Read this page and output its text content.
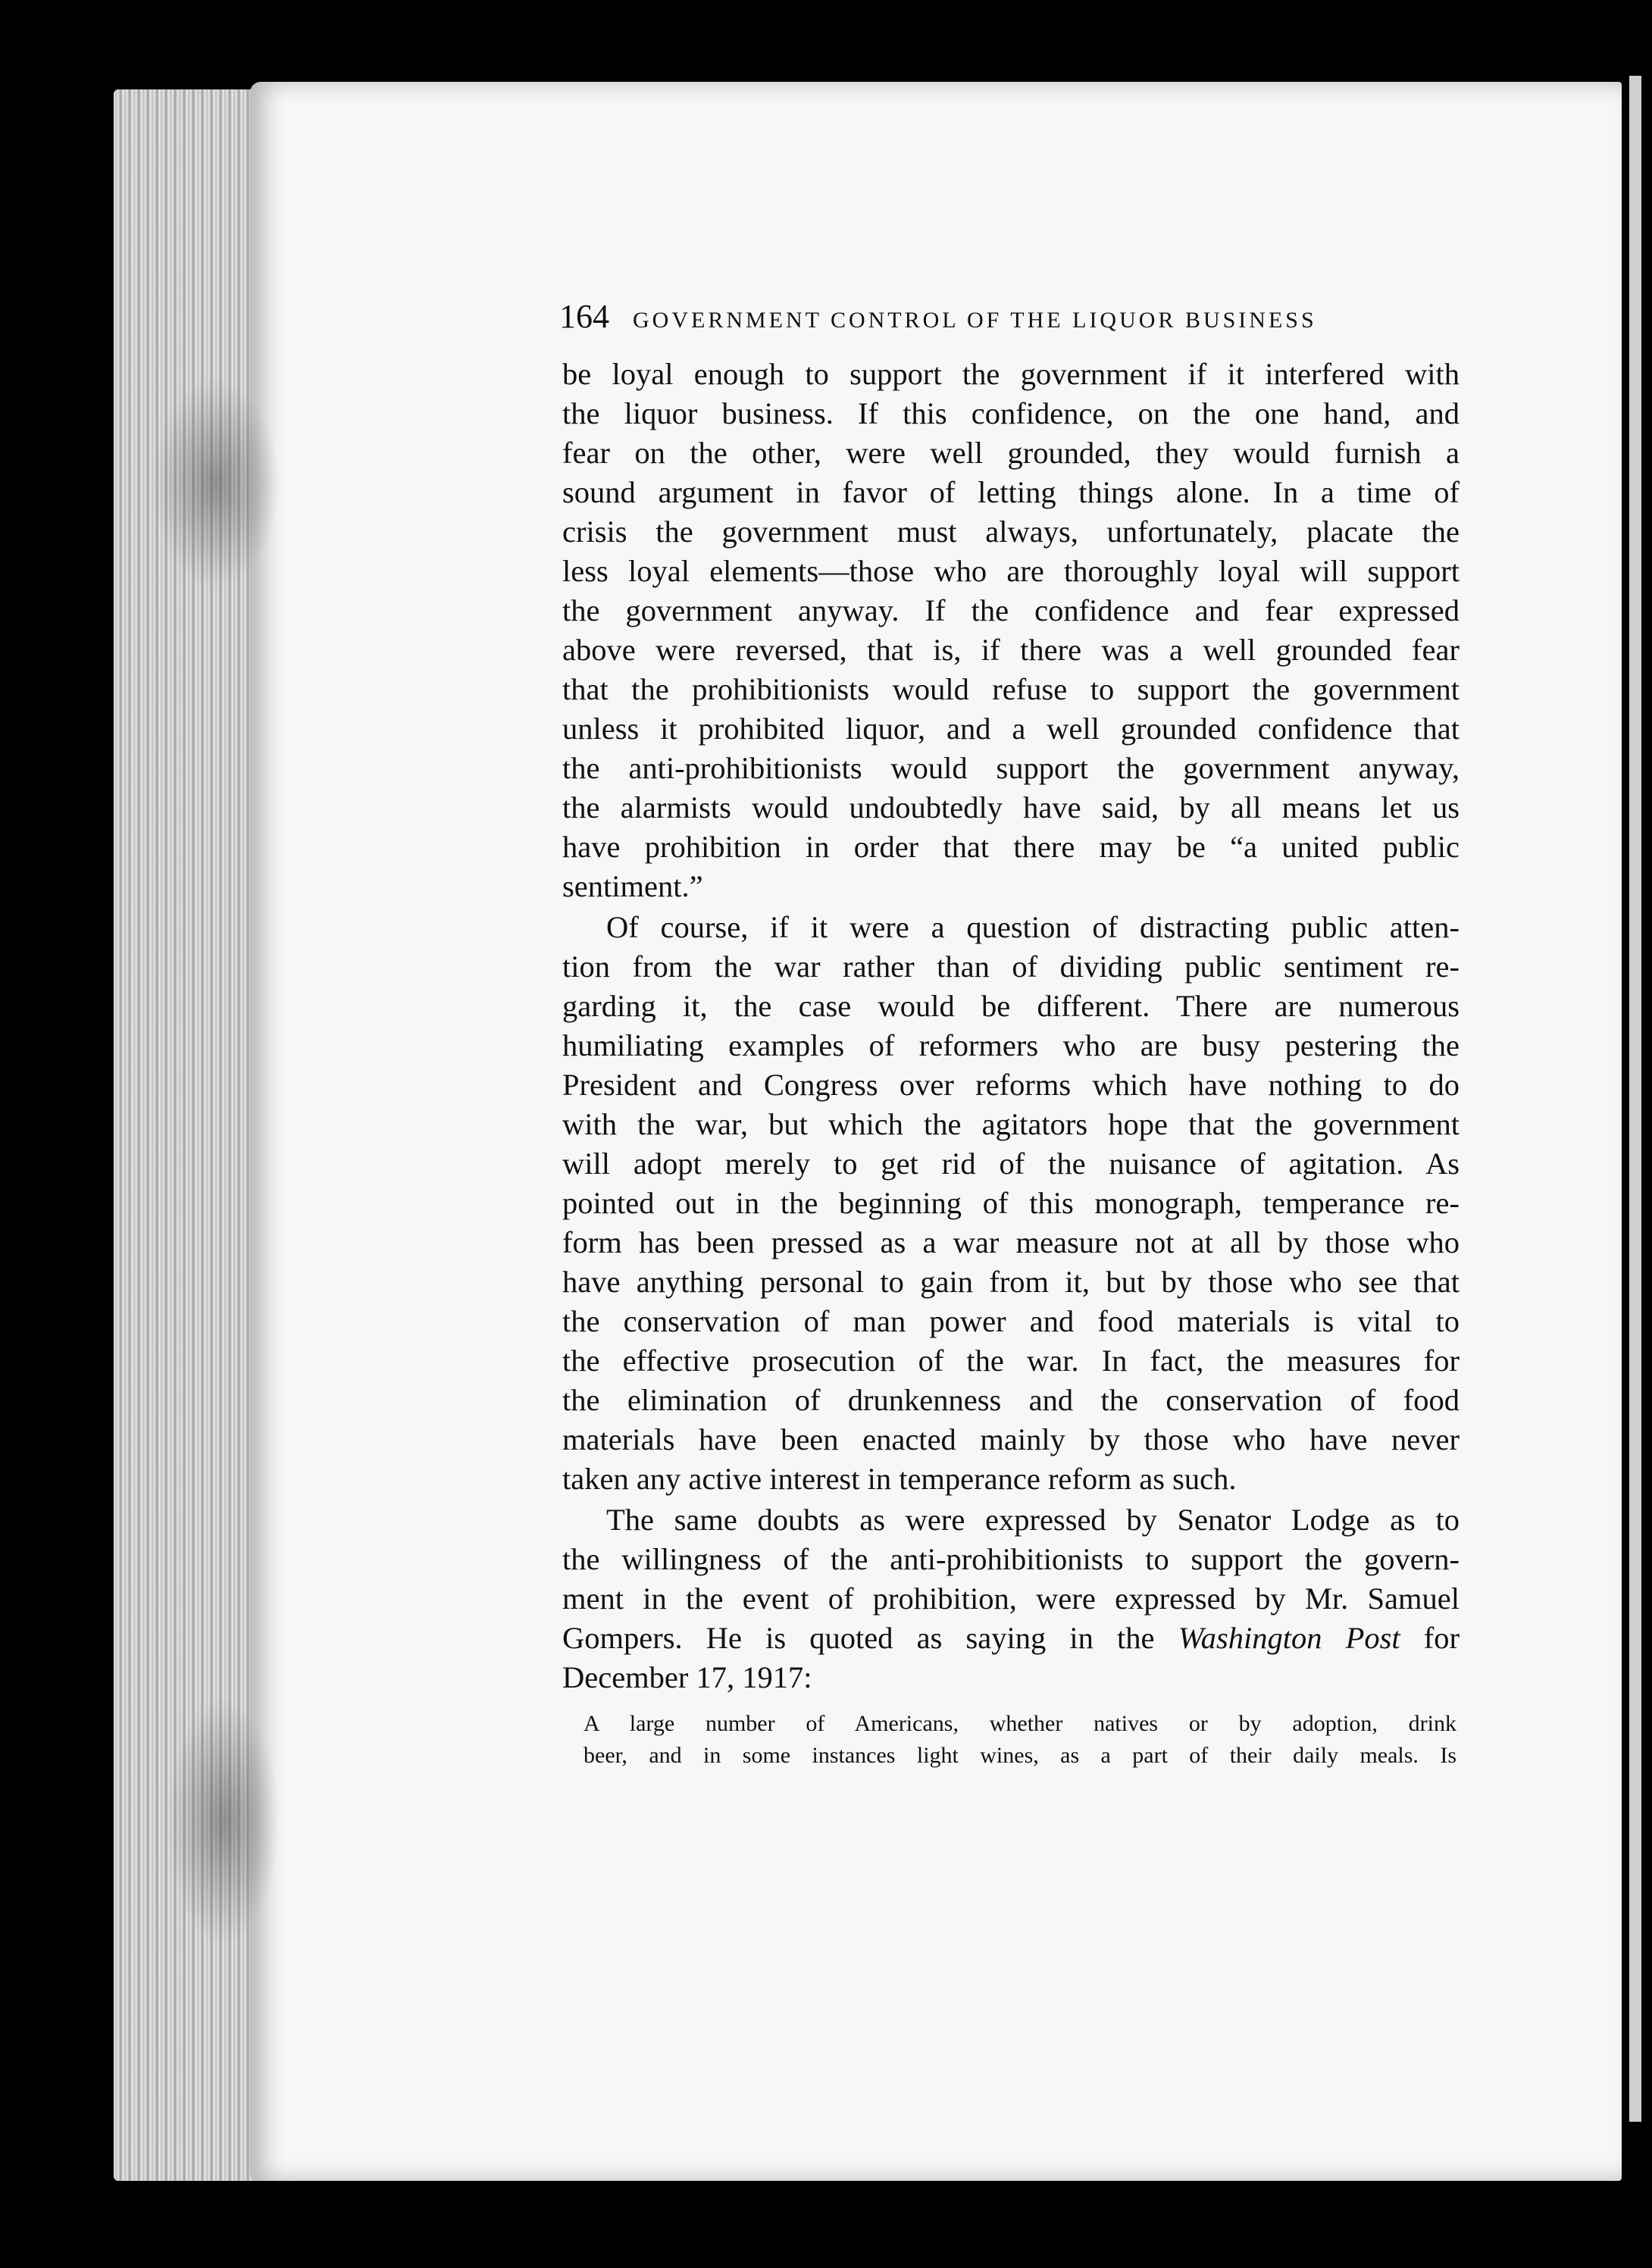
164 GOVERNMENT CONTROL OF THE LIQUOR BUSINESS

be loyal enough to support the government if it interfered with

the liquor business. If this confidence, on the one hand, and

fear on the other, were well grounded, they would furnish a

sound argument in favor of letting things alone. In a time of

crisis the government must always, unfortunately, placate the

less loyal elements—those who are thoroughly loyal will support

the government anyway. If the confidence and fear expressed

above were reversed, that is, if there was a well grounded fear

that the prohibitionists would refuse to support the government

unless it prohibited liquor, and a well grounded confidence that

the anti-prohibitionists would support the government anyway,

the alarmists would undoubtedly have said, by all means let us

have prohibition in order that there may be “a united public

sentiment.”

Of course, if it were a question of distracting public atten-

tion from the war rather than of dividing public sentiment re-

garding it, the case would be different. There are numerous

humiliating examples of reformers who are busy pestering the

President and Congress over reforms which have nothing to do

with the war, but which the agitators hope that the government

will adopt merely to get rid of the nuisance of agitation. As

pointed out in the beginning of this monograph, temperance re-

form has been pressed as a war measure not at all by those who

have anything personal to gain from it, but by those who see that

the conservation of man power and food materials is vital to

the effective prosecution of the war. In fact, the measures for

the elimination of drunkenness and the conservation of food

materials have been enacted mainly by those who have never

taken any active interest in temperance reform as such.

The same doubts as were expressed by Senator Lodge as to

the willingness of the anti-prohibitionists to support the govern-

ment in the event of prohibition, were expressed by Mr. Samuel

Gompers. He is quoted as saying in the Washington Post for

December 17, 1917:

A large number of Americans, whether natives or by adoption, drink
beer, and in some instances light wines, as a part of their daily meals. Is
